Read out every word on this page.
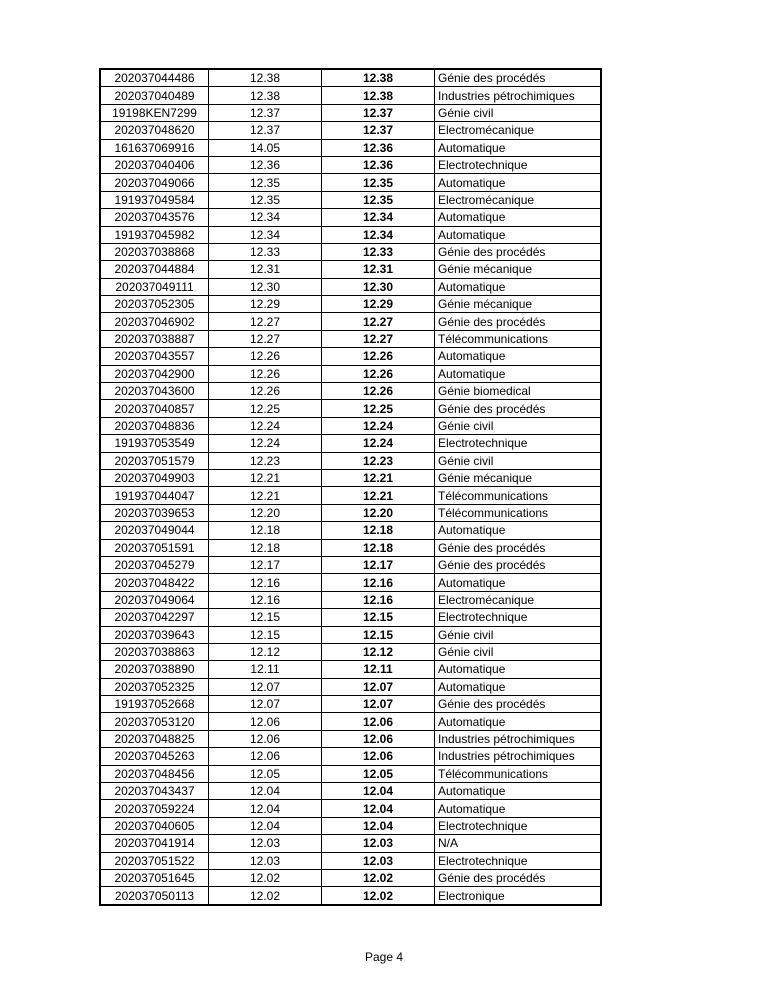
202037044486	12.38	12.38	Génie des procédés
202037040489	12.38	12.38	Industries pétrochimiques
19198KEN7299	12.37	12.37	Génie civil
202037048620	12.37	12.37	Electromécanique
161637069916	14.05	12.36	Automatique
202037040406	12.36	12.36	Electrotechnique
202037049066	12.35	12.35	Automatique
191937049584	12.35	12.35	Electromécanique
202037043576	12.34	12.34	Automatique
191937045982	12.34	12.34	Automatique
202037038868	12.33	12.33	Génie des procédés
202037044884	12.31	12.31	Génie mécanique
202037049111	12.30	12.30	Automatique
202037052305	12.29	12.29	Génie mécanique
202037046902	12.27	12.27	Génie des procédés
202037038887	12.27	12.27	Télécommunications
202037043557	12.26	12.26	Automatique
202037042900	12.26	12.26	Automatique
202037043600	12.26	12.26	Génie biomedical
202037040857	12.25	12.25	Génie des procédés
202037048836	12.24	12.24	Génie civil
191937053549	12.24	12.24	Electrotechnique
202037051579	12.23	12.23	Génie civil
202037049903	12.21	12.21	Génie mécanique
191937044047	12.21	12.21	Télécommunications
202037039653	12.20	12.20	Télécommunications
202037049044	12.18	12.18	Automatique
202037051591	12.18	12.18	Génie des procédés
202037045279	12.17	12.17	Génie des procédés
202037048422	12.16	12.16	Automatique
202037049064	12.16	12.16	Electromécanique
202037042297	12.15	12.15	Electrotechnique
202037039643	12.15	12.15	Génie civil
202037038863	12.12	12.12	Génie civil
202037038890	12.11	12.11	Automatique
202037052325	12.07	12.07	Automatique
191937052668	12.07	12.07	Génie des procédés
202037053120	12.06	12.06	Automatique
202037048825	12.06	12.06	Industries pétrochimiques
202037045263	12.06	12.06	Industries pétrochimiques
202037048456	12.05	12.05	Télécommunications
202037043437	12.04	12.04	Automatique
202037059224	12.04	12.04	Automatique
202037040605	12.04	12.04	Electrotechnique
202037041914	12.03	12.03	N/A
202037051522	12.03	12.03	Electrotechnique
202037051645	12.02	12.02	Génie des procédés
202037050113	12.02	12.02	Electronique
Page 4
